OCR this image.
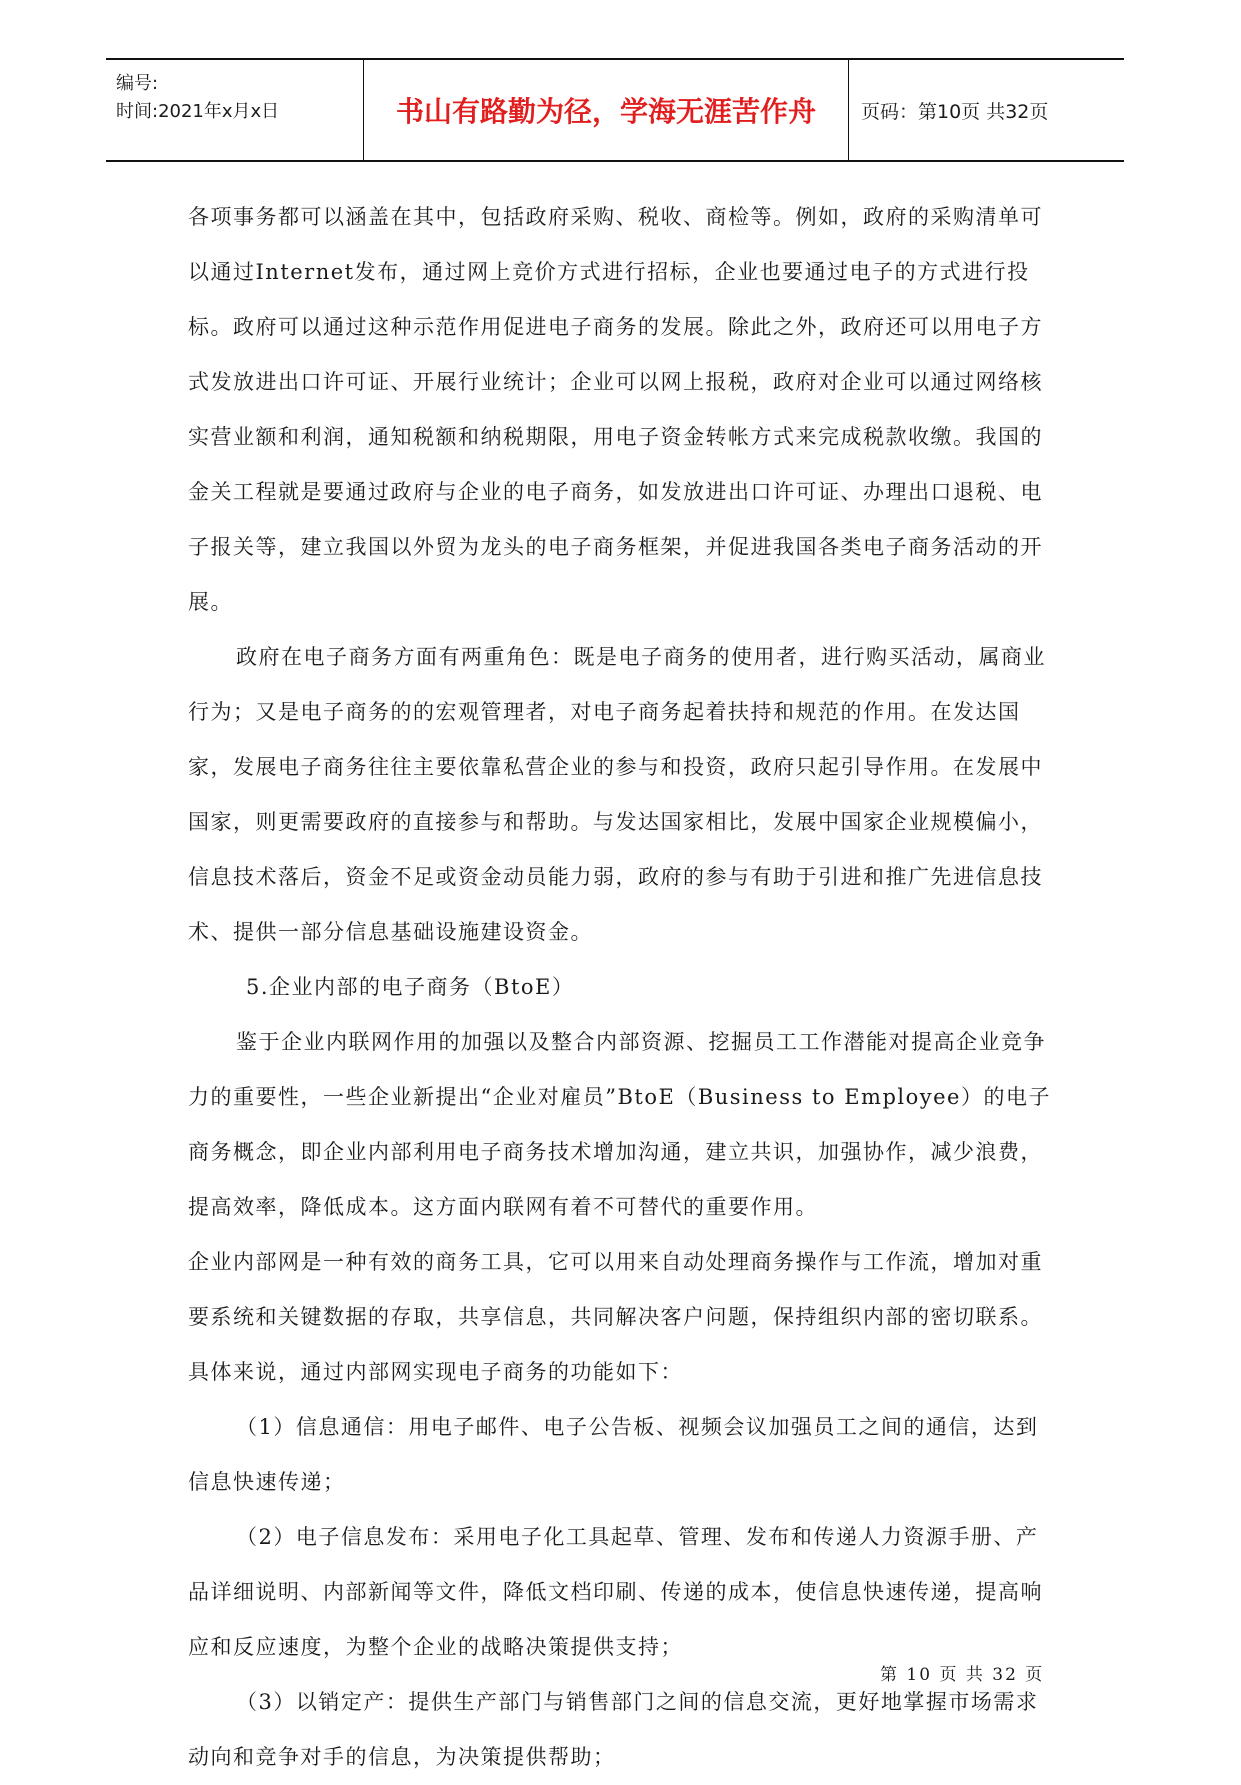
编号:
时间:2021年x月x日	书山有路勤为径，学海无涯苦作舟	页码：第10页 共32页

各项事务都可以涵盖在其中，包括政府采购、税收、商检等。例如，政府的采购清单可以通过Internet发布，通过网上竞价方式进行招标，企业也要通过电子的方式进行投标。政府可以通过这种示范作用促进电子商务的发展。除此之外，政府还可以用电子方式发放进出口许可证、开展行业统计；企业可以网上报税，政府对企业可以通过网络核实营业额和利润，通知税额和纳税期限，用电子资金转帐方式来完成税款收缴。我国的金关工程就是要通过政府与企业的电子商务，如发放进出口许可证、办理出口退税、电子报关等，建立我国以外贸为龙头的电子商务框架，并促进我国各类电子商务活动的开展。

政府在电子商务方面有两重角色：既是电子商务的使用者，进行购买活动，属商业行为；又是电子商务的的宏观管理者，对电子商务起着扶持和规范的作用。在发达国家，发展电子商务往往主要依靠私营企业的参与和投资，政府只起引导作用。在发展中国家，则更需要政府的直接参与和帮助。与发达国家相比，发展中国家企业规模偏小，信息技术落后，资金不足或资金动员能力弱，政府的参与有助于引进和推广先进信息技术、提供一部分信息基础设施建设资金。

5.企业内部的电子商务（BtoE）

鉴于企业内联网作用的加强以及整合内部资源、挖掘员工工作潜能对提高企业竞争力的重要性，一些企业新提出“企业对雇员”BtoE（Business to Employee）的电子商务概念，即企业内部利用电子商务技术增加沟通，建立共识，加强协作，减少浪费，提高效率，降低成本。这方面内联网有着不可替代的重要作用。

企业内部网是一种有效的商务工具，它可以用来自动处理商务操作与工作流，增加对重要系统和关键数据的存取，共享信息，共同解决客户问题，保持组织内部的密切联系。具体来说，通过内部网实现电子商务的功能如下：

（1）信息通信：用电子邮件、电子公告板、视频会议加强员工之间的通信，达到信息快速传递；

（2）电子信息发布：采用电子化工具起草、管理、发布和传递人力资源手册、产品详细说明、内部新闻等文件，降低文档印刷、传递的成本，使信息快速传递，提高响应和反应速度，为整个企业的战略决策提供支持；

（3）以销定产：提供生产部门与销售部门之间的信息交流，更好地掌握市场需求动向和竞争对手的信息，为决策提供帮助；

第 10 页 共 32 页
